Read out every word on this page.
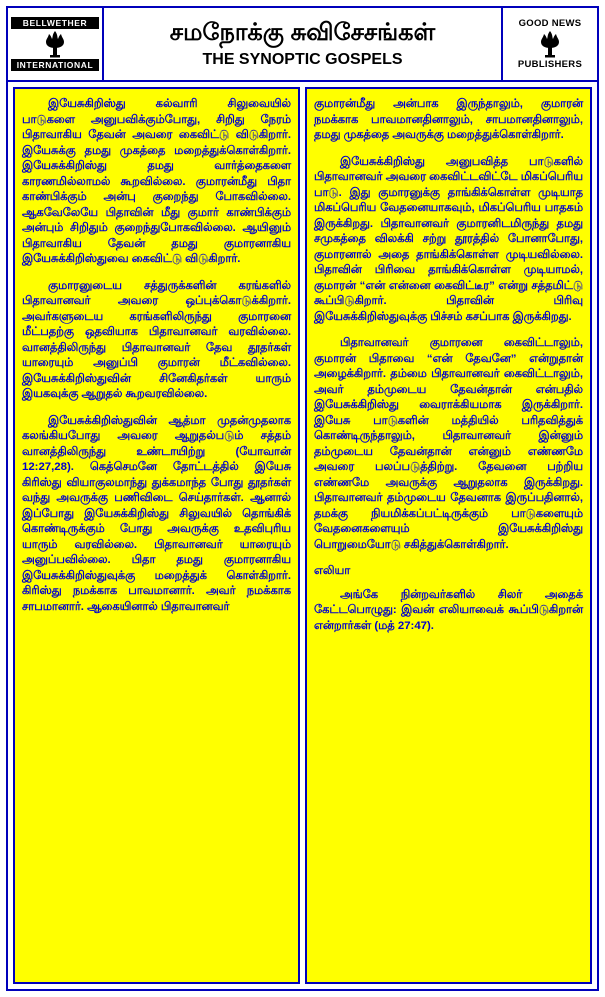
BELLWETHER
INTERNATIONAL
சமநோக்கு சுவிசேசங்கள்
THE SYNOPTIC GOSPELS
GOOD NEWS
PUBLISHERS

இயேசுகிறிஸ்து கல்வாரி சிலுவையில் பாடுகளை அனுபவிக்கும்போது, சிறிது நேரம் பிதாவாகிய தேவன் அவரை கைவிட்டு விடுகிறார். இயேசுக்கு தமது முகத்தை மறைத்துக்கொள்கிறார். இயேசுக்கிறிஸ்து தமது வார்த்தைகளை காரணமில்லாமல் கூறவில்லை. குமாரன்மீது பிதா காண்பிக்கும் அன்பு குறைந்து போகவில்லை. ஆகவேலேயே பிதாவின் மீது குமார் காண்பிக்கும் அன்பும் சிறிதும் குறைந்துபோகவில்லை. ஆயினும் பிதாவாகிய தேவன் தமது குமாரனாகிய இயேசுக்கிறிஸ்துவை கைவிட்டு விடுகிறார்.

குமாரனுடைய சத்துருக்களின் கரங்களில் பிதாவானவர் அவரை ஒப்புக்கொடுக்கிறார். அவர்களுடைய கரங்களிலிருந்து குமாரனை மீட்பதற்கு ஒதவியாக பிதாவானவர் வரவில்லை. வானத்திலிருந்து பிதாவானவர் தேவ தூதர்கள் யாரையும் அனுப்பி குமாரன் மீட்கவில்லை. இயேசுக்கிறிஸ்துவின் சினேகிதர்கள் யாரும் இயகவுக்கு ஆறுதல் கூறவரவில்லை.

இயேசுக்கிறிஸ்துவின் ஆத்மா முதன்முதலாக கலங்கியபோது அவரை ஆறுதல்படும் சத்தம் வானத்திலிருந்து உண்டாயிற்று (யோவான் 12:27,28). கெத்செமனே தோட்டத்தில் இயேசு கிரிஸ்து வியாகுலமாந்து துக்கமாந்த போது தூதர்கள் வந்து அவருக்கு பணிவிடை செய்தார்கள். ஆனால் இப்போது இயேசுக்கிறிஸ்து சிலுவயில் தொங்கிக் கொண்டிருக்கும் போது அவருக்கு உதவிபுரிய யாரும் வரவில்லை. பிதாவானவர் யாரையும் அனுப்பவில்லை. பிதா தமது குமாரனாகிய இயேசுக்கிறிஸ்துவுக்கு மறைத்துக் கொள்கிறார். கிரிஸ்து நமக்காக பாவமானார். அவர் நமக்காக சாபமானார். ஆகையினால் பிதாவானவர்

குமாரன்மீது அன்பாக இருந்தாலும், குமாரன் நமக்காக பாவமானதினாலும், சாபமானதினாலும், தமது முகத்தை அவருக்கு மறைத்துக்கொள்கிறார்.

இயேசுக்கிறிஸ்து அனுபவித்த பாடுகளில் பிதாவானவர் அவரை கைவிட்டவிட்டே மிகப்பெரிய பாடு. இது குமாரனுக்கு தாங்கிக்கொள்ள முடியாத மிகப்பெரிய வேதனையாகவும், மிகப்பெரிய பாதகம் இருக்கிறது. பிதாவானவர் குமாரனிடமிருந்து தமது சமுகத்தை விலக்கி சற்று தூரத்தில் போனாபோது, குமாரனால் அதை தாங்கிக்கொள்ள முடியவில்லை. பிதாவின் பிரிவை தாங்கிக்கொள்ள முடியாமல், குமாரன் “என் என்னை கைவிட்டீர” என்று சத்தமிட்டு கூப்பிடுகிறார். பிதாவின் பிரிவு இயேசுக்கிறிஸ்துவுக்கு பிச்சம் கசப்பாக இருக்கிறது.

பிதாவானவர் குமாரனை கைவிட்டாலும், குமாரன் பிதாவை “என் தேவனே” என்றுதான் அழைக்கிறார். தம்மை பிதாவானவர் கைவிட்டாலும், அவர் தம்முடைய தேவன்தான் என்பதில் இயேசுக்கிறிஸ்து வைராக்கியமாக இருக்கிறார். இயேசு பாடுகளின் மத்தியில் பரிதவித்துக் கொண்டிருந்தாலும், பிதாவானவர் இன்னும் தம்முடைய தேவன்தான் என்னும் எண்ணமே அவரை பலப்படுத்திற்று. தேவனை பற்றிய எண்ணமே அவருக்கு ஆறுதலாக இருக்கிறது. பிதாவானவர் தம்முடைய தேவனாக இருப்பதினால், தமக்கு நியமிக்கப்பட்டிருக்கும் பாடுகளையும் வேதனைகளையும் இயேசுக்கிறிஸ்து பொறுமையோடு சகித்துக்கொள்கிறார்.

எலியா

அங்கே நின்றவர்களில் சிலர் அதைக் கேட்டபொழுது: இவன் எலியாவைக் கூப்பிடுகிறான் என்றார்கள் (மத் 27:47).
